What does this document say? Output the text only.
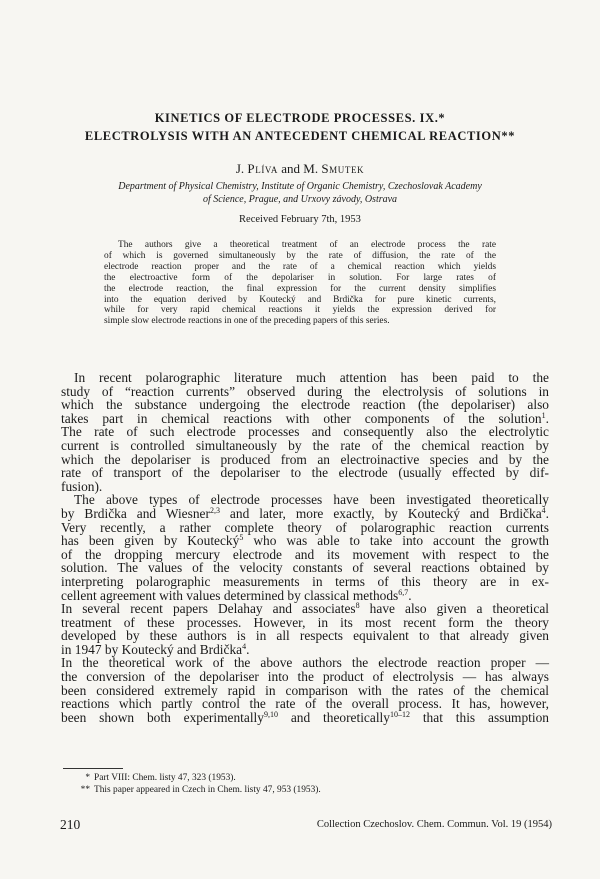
KINETICS OF ELECTRODE PROCESSES. IX.*
ELECTROLYSIS WITH AN ANTECEDENT CHEMICAL REACTION**
J. Plíva and M. Smutek
Department of Physical Chemistry, Institute of Organic Chemistry, Czechoslovak Academy
of Science, Prague, and Urxovy závody, Ostrava
Received February 7th, 1953
The authors give a theoretical treatment of an electrode process the rate
of which is governed simultaneously by the rate of diffusion, the rate of the
electrode reaction proper and the rate of a chemical reaction which yields
the electroactive form of the depolariser in solution. For large rates of
the electrode reaction, the final expression for the current density simplifies
into the equation derived by Koutecký and Brdička for pure kinetic currents,
while for very rapid chemical reactions it yields the expression derived for
simple slow electrode reactions in one of the preceding papers of this series.
In recent polarographic literature much attention has been paid to the
study of “reaction currents” observed during the electrolysis of solutions in
which the substance undergoing the electrode reaction (the depolariser) also
takes part in chemical reactions with other components of the solution$^1$.
The rate of such electrode processes and consequently also the electrolytic
current is controlled simultaneously by the rate of the chemical reaction by
which the depolariser is produced from an electroinactive species and by the
rate of transport of the depolariser to the electrode (usually effected by dif-
fusion).
The above types of electrode processes have been investigated theoretically
by Brdička and Wiesner$^{2,3}$ and later, more exactly, by Koutecký and Brdička$^4$.
Very recently, a rather complete theory of polarographic reaction currents
has been given by Koutecký$^5$ who was able to take into account the growth
of the dropping mercury electrode and its movement with respect to the
solution. The values of the velocity constants of several reactions obtained by
interpreting polarographic measurements in terms of this theory are in ex-
cellent agreement with values determined by classical methods$^{6,7}$.
In several recent papers Delahay and associates$^8$ have also given a theoretical
treatment of these processes. However, in its most recent form the theory
developed by these authors is in all respects equivalent to that already given
in 1947 by Koutecký and Brdička$^4$.
In the theoretical work of the above authors the electrode reaction proper —
the conversion of the depolariser into the product of electrolysis — has always
been considered extremely rapid in comparison with the rates of the chemical
reactions which partly control the rate of the overall process. It has, however,
been shown both experimentally$^{9,10}$ and theoretically$^{10-12}$ that this assumption
* Part VIII: Chem. listy 47, 323 (1953).
** This paper appeared in Czech in Chem. listy 47, 953 (1953).
210	Collection Czechoslov. Chem. Commun. Vol. 19 (1954)
